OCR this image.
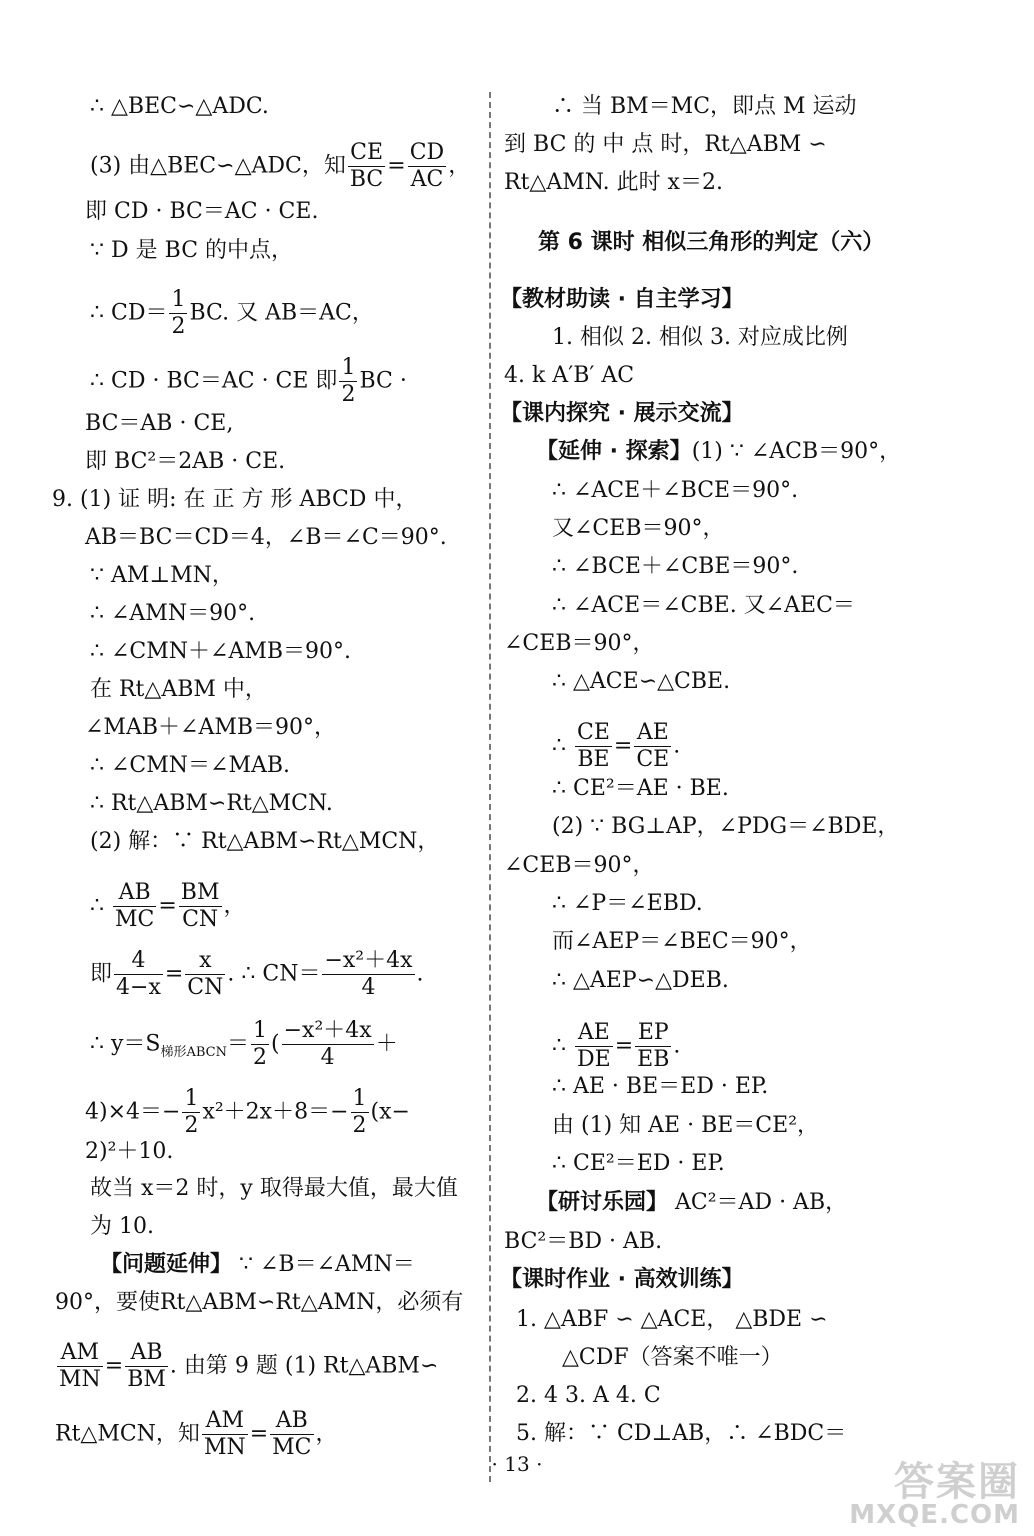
∴ △BEC∽△ADC.
(3) 由△BEC∽△ADC，知 $\frac{CE}{BC} = \frac{CD}{AC}$ ，
即 CD · BC＝AC · CE.
∵ D 是 BC 的中点，
∴ $CD= \frac{1}{2}$ BC. 又 AB＝AC，
∴ CD · BC＝AC · CE 即 $\frac{1}{2}$ BC ·
BC＝AB · CE,
即 BC²＝2AB · CE.
9. (1) 证 明: 在 正 方 形 ABCD 中，
AB＝BC＝CD＝4，∠B＝∠C＝90°.
∵ AM⊥MN，
∴ ∠AMN＝90°.
∴ ∠CMN＋∠AMB＝90°.
在 Rt△ABM 中，
∠MAB＋∠AMB＝90°，
∴ ∠CMN＝∠MAB.
∴ Rt△ABM∽Rt△MCN.
(2) 解：∵ Rt△ABM∽Rt△MCN，
∴ $\frac{AB}{MC} = \frac{BM}{CN}$ ，
即 $\frac{4}{4-x} = \frac{x}{CN}$ . ∴ $CN= \frac{\text{−x²＋4x}}{4}$ .
∴ $y=S_{梯形ABCN}= \frac{1}{2}$ ( $\frac{\text{−x²＋4x}}{4}$ ＋
$4)\times 4=- \frac{1}{2} x^2+2x+8=- \frac{1}{2} (x-$
2)²＋10.
故当 x＝2 时，y 取得最大值，最大值
为 10.
【问题延伸】 ∵ ∠B＝∠AMN＝
90°，要使Rt△ABM∽Rt△AMN，必须有
$\frac{AM}{MN} = \frac{AB}{BM}$ . 由第 9 题 (1) Rt△ABM∽
Rt△MCN，知 $\frac{AM}{MN} = \frac{AB}{MC}$ ，
∴ 当 BM＝MC，即点 M 运动
到 BC 的 中 点 时，Rt△ABM ∽
Rt△AMN. 此时 x＝2.
第 6 课时 相似三角形的判定（六）
【教材助读 · 自主学习】
1. 相似 2. 相似 3. 对应成比例
4. k A′B′ AC
【课内探究 · 展示交流】
【延伸 · 探索】(1) ∵ ∠ACB＝90°，
∴ ∠ACE＋∠BCE＝90°.
又∠CEB＝90°，
∴ ∠BCE＋∠CBE＝90°.
∴ ∠ACE＝∠CBE. 又∠AEC＝
∠CEB＝90°，
∴ △ACE∽△CBE.
∴ $\frac{CE}{BE} = \frac{AE}{CE}$ .
∴ CE²＝AE · BE.
(2) ∵ BG⊥AP，∠PDG＝∠BDE，
∠CEB＝90°，
∴ ∠P＝∠EBD.
而∠AEP＝∠BEC＝90°，
∴ △AEP∽△DEB.
∴ $\frac{AE}{DE} = \frac{EP}{EB}$ .
∴ AE · BE＝ED · EP.
由 (1) 知 AE · BE＝CE²，
∴ CE²＝ED · EP.
【研讨乐园】 AC²＝AD · AB，
BC²＝BD · AB.
【课时作业 · 高效训练】
1. △ABF ∽ △ACE， △BDE ∽
△CDF（答案不唯一）
2. 4 3. A 4. C
5. 解：∵ CD⊥AB，∴ ∠BDC＝
· 13 ·	答案圈
MXQE.COM
